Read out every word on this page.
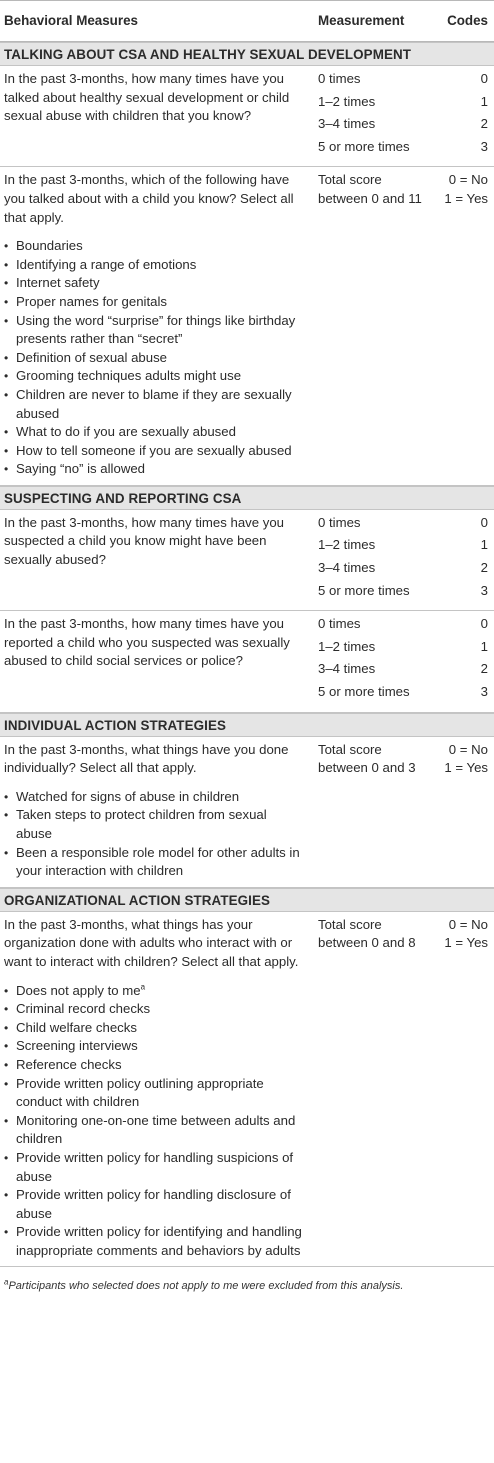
Behavioral Measures	Measurement	Codes
TALKING ABOUT CSA AND HEALTHY SEXUAL DEVELOPMENT
In the past 3-months, how many times have you talked about healthy sexual development or child sexual abuse with children that you know?
0 times
1–2 times
3–4 times
5 or more times
0
1
2
3
In the past 3-months, which of the following have you talked about with a child you know? Select all that apply.
• Boundaries
• Identifying a range of emotions
• Internet safety
• Proper names for genitals
• Using the word “surprise” for things like birthday presents rather than “secret”
• Definition of sexual abuse
• Grooming techniques adults might use
• Children are never to blame if they are sexually abused
• What to do if you are sexually abused
• How to tell someone if you are sexually abused
• Saying “no” is allowed
Total score between 0 and 11
0 = No
1 = Yes
SUSPECTING AND REPORTING CSA
In the past 3-months, how many times have you suspected a child you know might have been sexually abused?
0 times
1–2 times
3–4 times
5 or more times
0
1
2
3
In the past 3-months, how many times have you reported a child who you suspected was sexually abused to child social services or police?
0 times
1–2 times
3–4 times
5 or more times
0
1
2
3
INDIVIDUAL ACTION STRATEGIES
In the past 3-months, what things have you done individually? Select all that apply.
• Watched for signs of abuse in children
• Taken steps to protect children from sexual abuse
• Been a responsible role model for other adults in your interaction with children
Total score between 0 and 3
0 = No
1 = Yes
ORGANIZATIONAL ACTION STRATEGIES
In the past 3-months, what things has your organization done with adults who interact with or want to interact with children? Select all that apply.
• Does not apply to $me^a$
• Criminal record checks
• Child welfare checks
• Screening interviews
• Reference checks
• Provide written policy outlining appropriate conduct with children
• Monitoring one-on-one time between adults and children
• Provide written policy for handling suspicions of abuse
• Provide written policy for handling disclosure of abuse
• Provide written policy for identifying and handling inappropriate comments and behaviors by adults
Total score between 0 and 8
0 = No
1 = Yes
$^a$Participants who selected does not apply to me were excluded from this analysis.
